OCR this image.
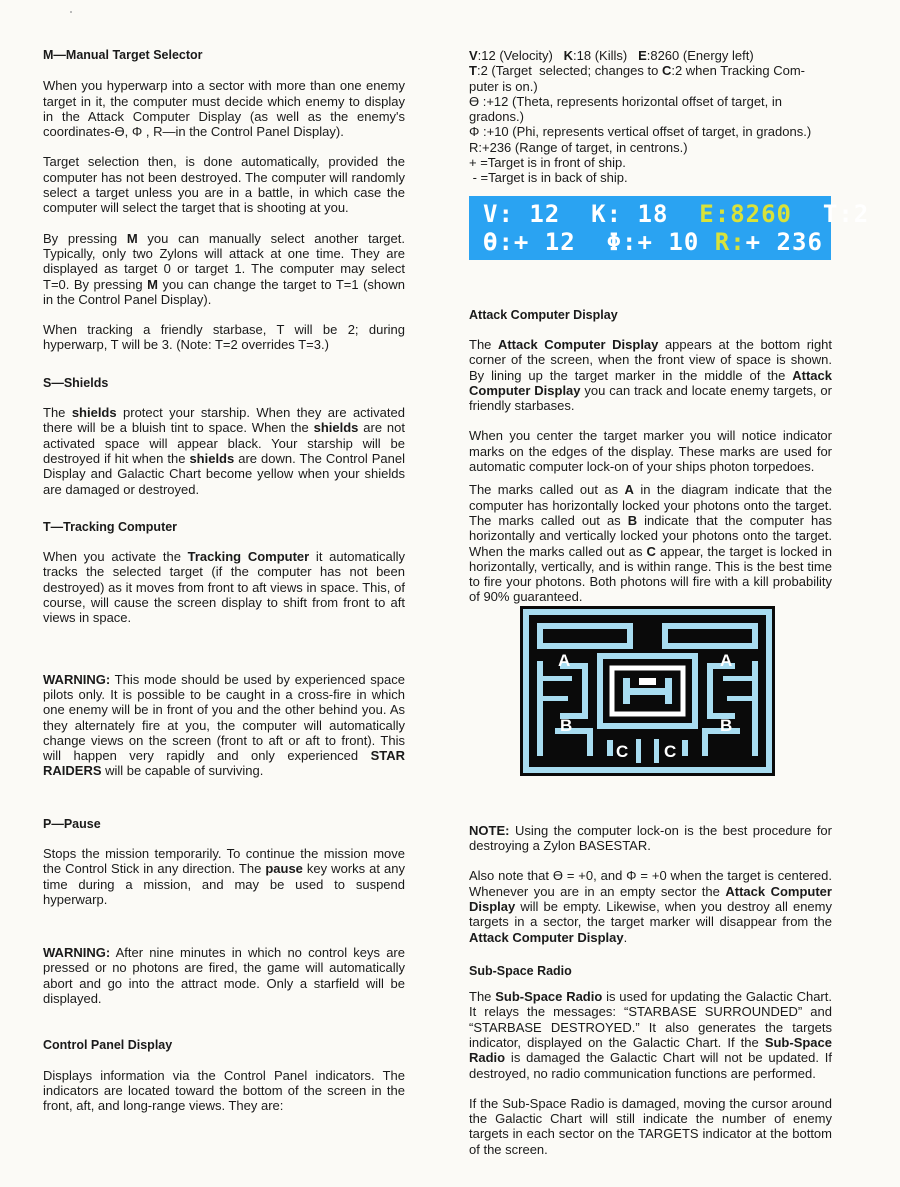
M—Manual Target Selector

When you hyperwarp into a sector with more than one enemy target in it, the computer must decide which enemy to display in the Attack Computer Display (as well as the enemy's coordinates-ϴ, Φ , R—in the Control Panel Display).

Target selection then, is done automatically, provided the computer has not been destroyed. The computer will randomly select a target unless you are in a battle, in which case the computer will select the target that is shooting at you.

By pressing M you can manually select another target. Typically, only two Zylons will attack at one time. They are displayed as target 0 or target 1. The computer may select T=0. By pressing M you can change the target to T=1 (shown in the Control Panel Display).

When tracking a friendly starbase, T will be 2; during hyperwarp, T will be 3. (Note: T=2 overrides T=3.)

S—Shields

The shields protect your starship. When they are activated there will be a bluish tint to space. When the shields are not activated space will appear black. Your starship will be destroyed if hit when the shields are down. The Control Panel Display and Galactic Chart become yellow when your shields are damaged or destroyed.

T—Tracking Computer

When you activate the Tracking Computer it automatically tracks the selected target (if the computer has not been destroyed) as it moves from front to aft views in space. This, of course, will cause the screen display to shift from front to aft views in space.

WARNING: This mode should be used by experienced space pilots only. It is possible to be caught in a cross-fire in which one enemy will be in front of you and the other behind you. As they alternately fire at you, the computer will automatically change views on the screen (front to aft or aft to front). This will happen very rapidly and only experienced STAR RAIDERS will be capable of surviving.

P—Pause

Stops the mission temporarily. To continue the mission move the Control Stick in any direction. The pause key works at any time during a mission, and may be used to suspend hyperwarp.

WARNING: After nine minutes in which no control keys are pressed or no photons are fired, the game will automatically abort and go into the attract mode. Only a starfield will be displayed.

Control Panel Display

Displays information via the Control Panel indicators. The indicators are located toward the bottom of the screen in the front, aft, and long-range views. They are:

V:12 (Velocity)   K:18 (Kills)   E:8260 (Energy left)
T:2 (Target  selected; changes to C:2 when Tracking Com-
puter is on.)
ϴ :+12 (Theta, represents horizontal offset of target, in
gradons.)
Φ :+10 (Phi, represents vertical offset of target, in gradons.)
R:+236 (Range of target, in centrons.)
+ =Target is in front of ship.
- =Target is in back of ship.
Attack Computer Display

The Attack Computer Display appears at the bottom right corner of the screen, when the front view of space is shown. By lining up the target marker in the middle of the Attack Computer Display you can track and locate enemy targets, or friendly starbases.

When you center the target marker you will notice indicator marks on the edges of the display. These marks are used for automatic computer lock-on of your ships photon torpedoes.

The marks called out as A in the diagram indicate that the computer has horizontally locked your photons onto the target. The marks called out as B indicate that the computer has horizontally and vertically locked your photons onto the target. When the marks called out as C appear, the target is locked in horizontally, vertically, and is within range. This is the best time to fire your photons. Both photons will fire with a kill probability of 90% guaranteed.

NOTE: Using the computer lock-on is the best procedure for destroying a Zylon BASESTAR.

Also note that ϴ = +0, and Φ = +0 when the target is centered. Whenever you are in an empty sector the Attack Computer Display will be empty. Likewise, when you destroy all enemy targets in a sector, the target marker will disappear from the Attack Computer Display.

Sub-Space Radio

The Sub-Space Radio is used for updating the Galactic Chart. It relays the messages: “STARBASE SURROUNDED” and “STARBASE DESTROYED.” It also generates the targets indicator, displayed on the Galactic Chart. If the Sub-Space Radio is damaged the Galactic Chart will not be updated. If destroyed, no radio communication functions are performed.

If the Sub-Space Radio is damaged, moving the cursor around the Galactic Chart will still indicate the number of enemy targets in each sector on the TARGETS indicator at the bottom of the screen.

V: 12  K: 18  E:8260  T:2
ϴ:+ 12  Φ:+ 10 R:+ 236
A	A
B	B
C C
